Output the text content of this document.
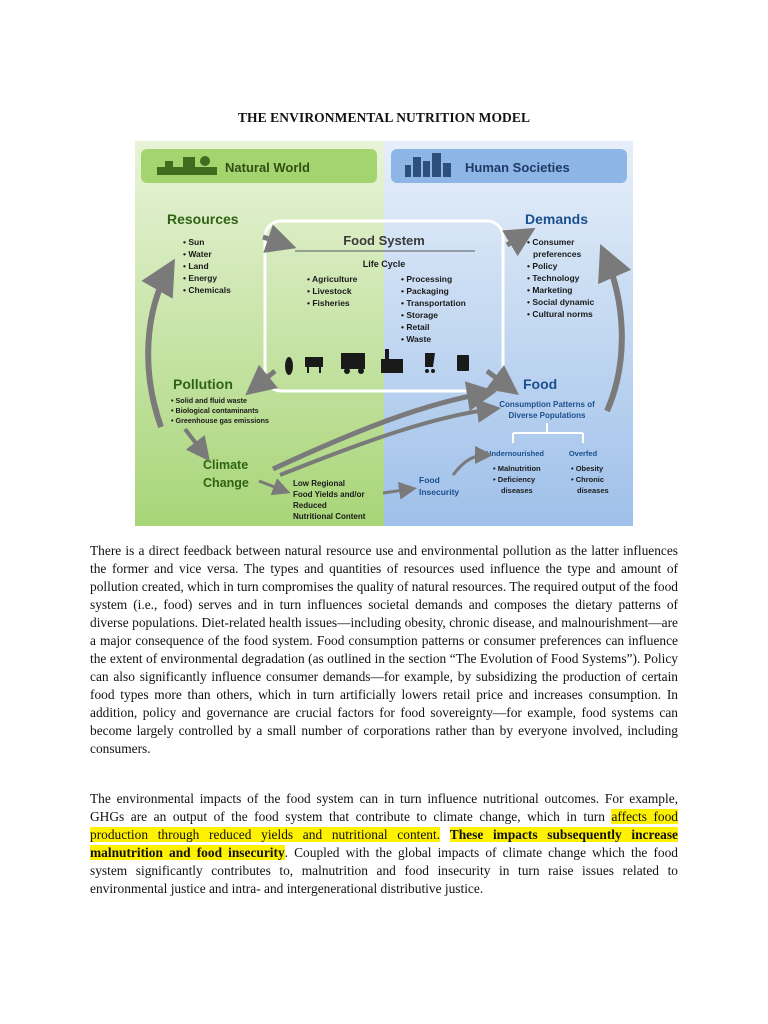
THE ENVIRONMENTAL NUTRITION MODEL
Natural World	Human Societies
Resources
• Sun
• Water
• Land
• Energy
• Chemicals
Demands
• Consumer
preferences
• Policy
• Technology
• Marketing
• Social dynamic
• Cultural norms
Food System
Life Cycle
• Agriculture
• Livestock
• Fisheries
• Processing
• Packaging
• Transportation
• Storage
• Retail
• Waste
Pollution
• Solid and fluid waste
• Biological contaminants
• Greenhouse gas emissions
Food
Consumption Patterns of
Diverse Populations
Undernourished	Overfed
• Malnutrition
• Deficiency
diseases
• Obesity
• Chronic
diseases
Climate
Change	Low Regional
Food Yields and/or
Reduced
Nutritional Content
Food
Insecurity
There is a direct feedback between natural resource use and environmental pollution as the latter influences the former and vice versa. The types and quantities of resources used influence the type and amount of pollution created, which in turn compromises the quality of natural resources. The required output of the food system (i.e., food) serves and in turn influences societal demands and composes the dietary patterns of diverse populations. Diet-related health issues—including obesity, chronic disease, and malnourishment—are a major consequence of the food system. Food consumption patterns or consumer preferences can influence the extent of environmental degradation (as outlined in the section “The Evolution of Food Systems”). Policy can also significantly influence consumer demands—for example, by subsidizing the production of certain food types more than others, which in turn artificially lowers retail price and increases consumption. In addition, policy and governance are crucial factors for food sovereignty—for example, food systems can become largely controlled by a small number of corporations rather than by everyone involved, including consumers.
The environmental impacts of the food system can in turn influence nutritional outcomes. For example, GHGs are an output of the food system that contribute to climate change, which in turn affects food production through reduced yields and nutritional content. These impacts subsequently increase malnutrition and food insecurity. Coupled with the global impacts of climate change which the food system significantly contributes to, malnutrition and food insecurity in turn raise issues related to environmental justice and intra- and intergenerational distributive justice.
